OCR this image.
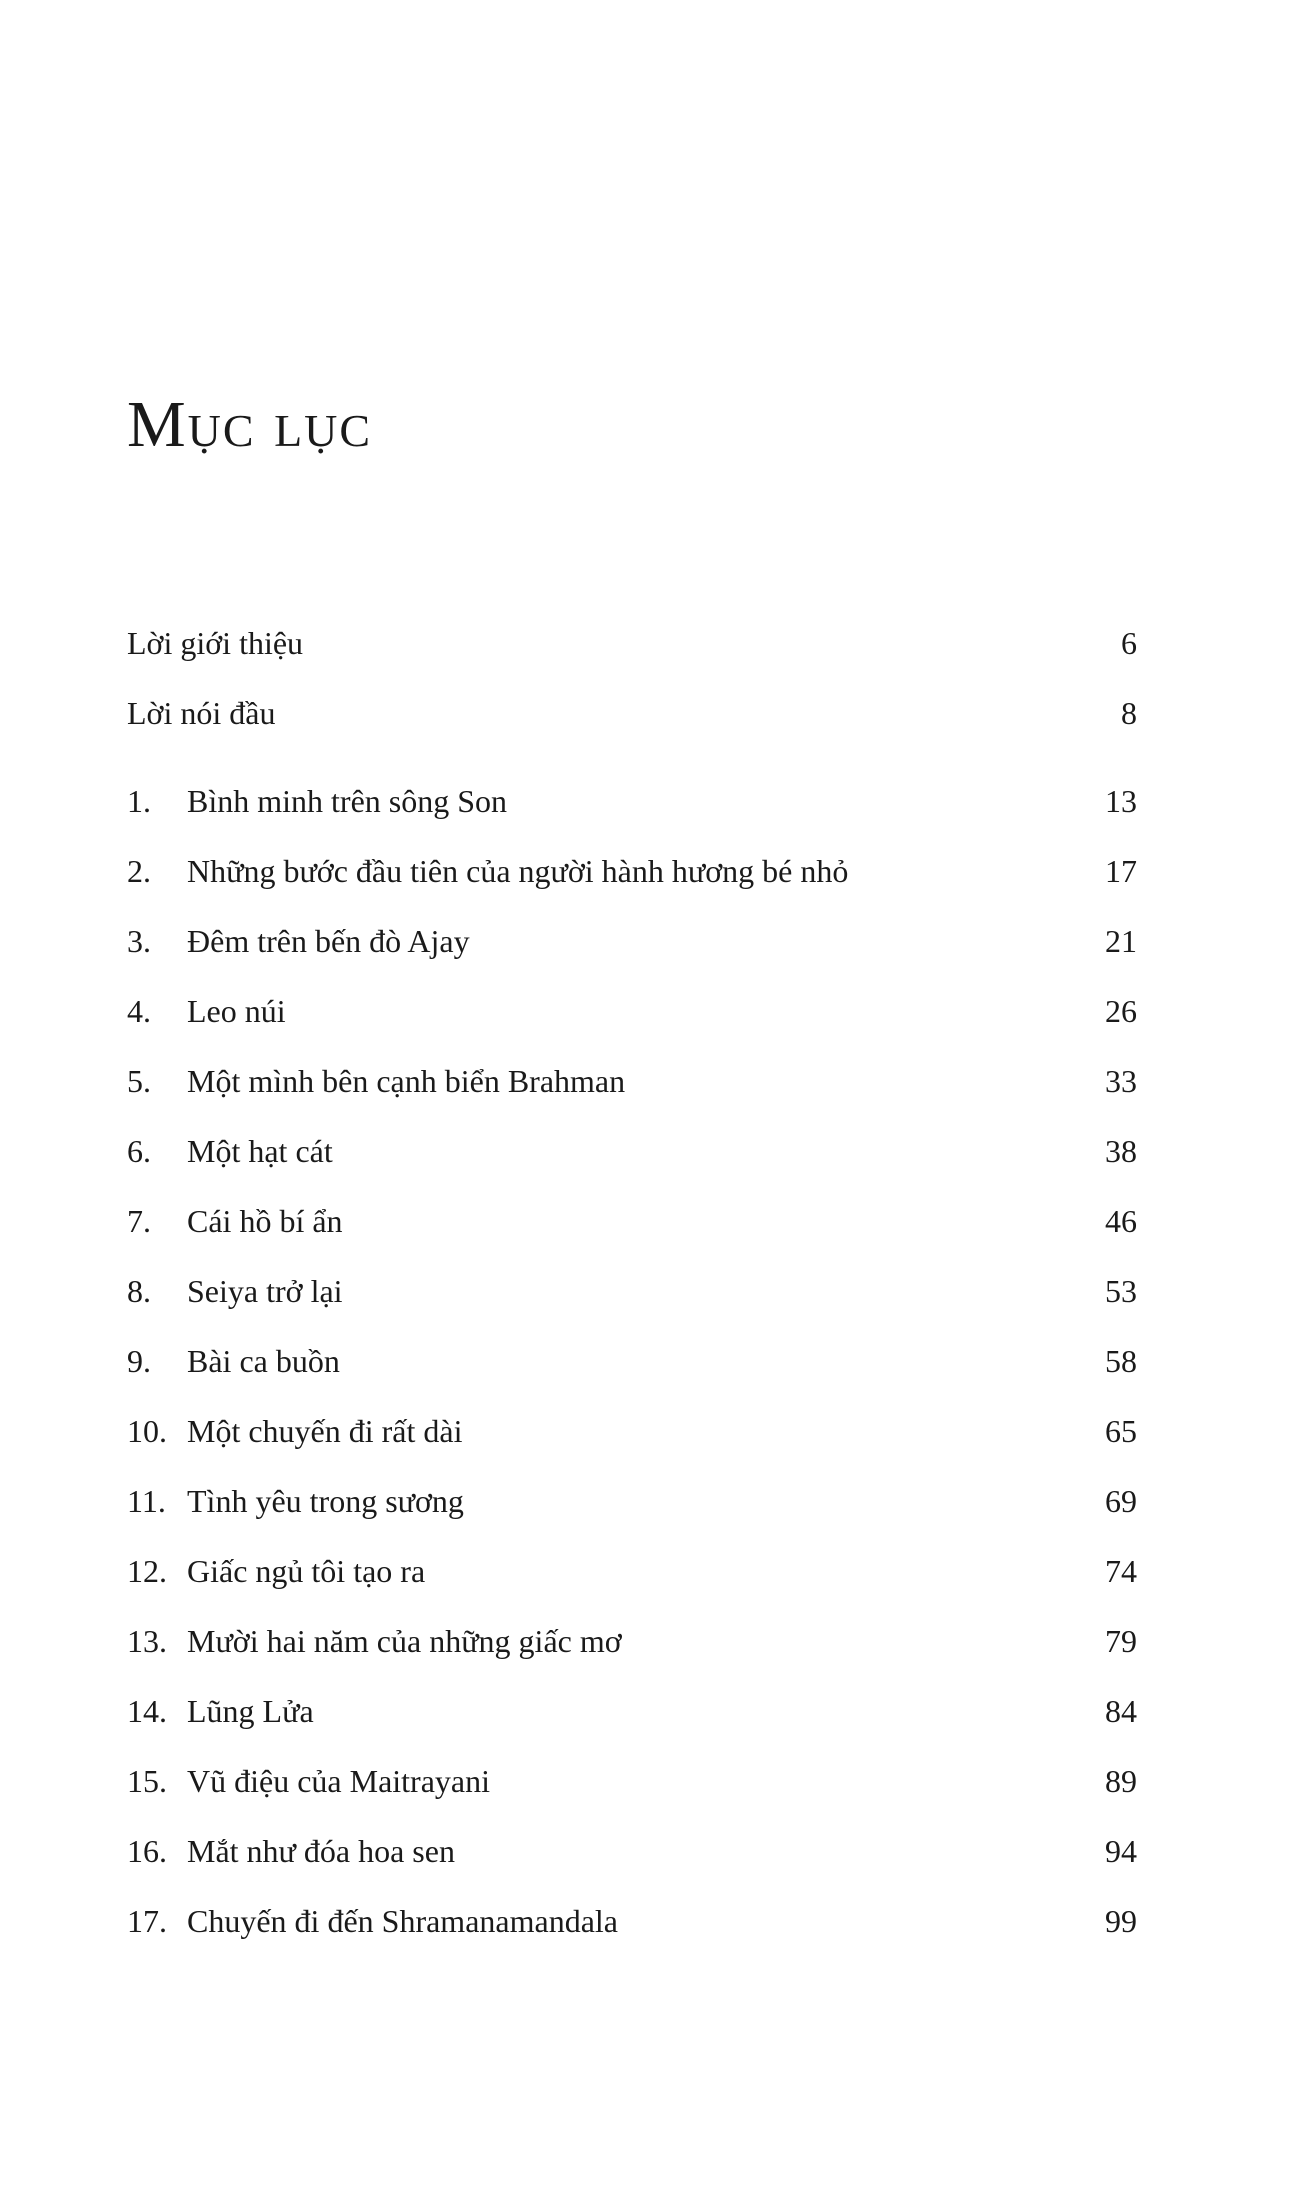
Mục lục
Lời giới thiệu	6
Lời nói đầu	8
1.	Bình minh trên sông Son	13
2.	Những bước đầu tiên của người hành hương bé nhỏ	17
3.	Đêm trên bến đò Ajay	21
4.	Leo núi	26
5.	Một mình bên cạnh biển Brahman	33
6.	Một hạt cát	38
7.	Cái hồ bí ẩn	46
8.	Seiya trở lại	53
9.	Bài ca buồn	58
10. Một chuyến đi rất dài	65
11. Tình yêu trong sương	69
12. Giấc ngủ tôi tạo ra	74
13. Mười hai năm của những giấc mơ	79
14. Lũng Lửa	84
15. Vũ điệu của Maitrayani	89
16. Mắt như đóa hoa sen	94
17. Chuyến đi đến Shramanamandala	99
